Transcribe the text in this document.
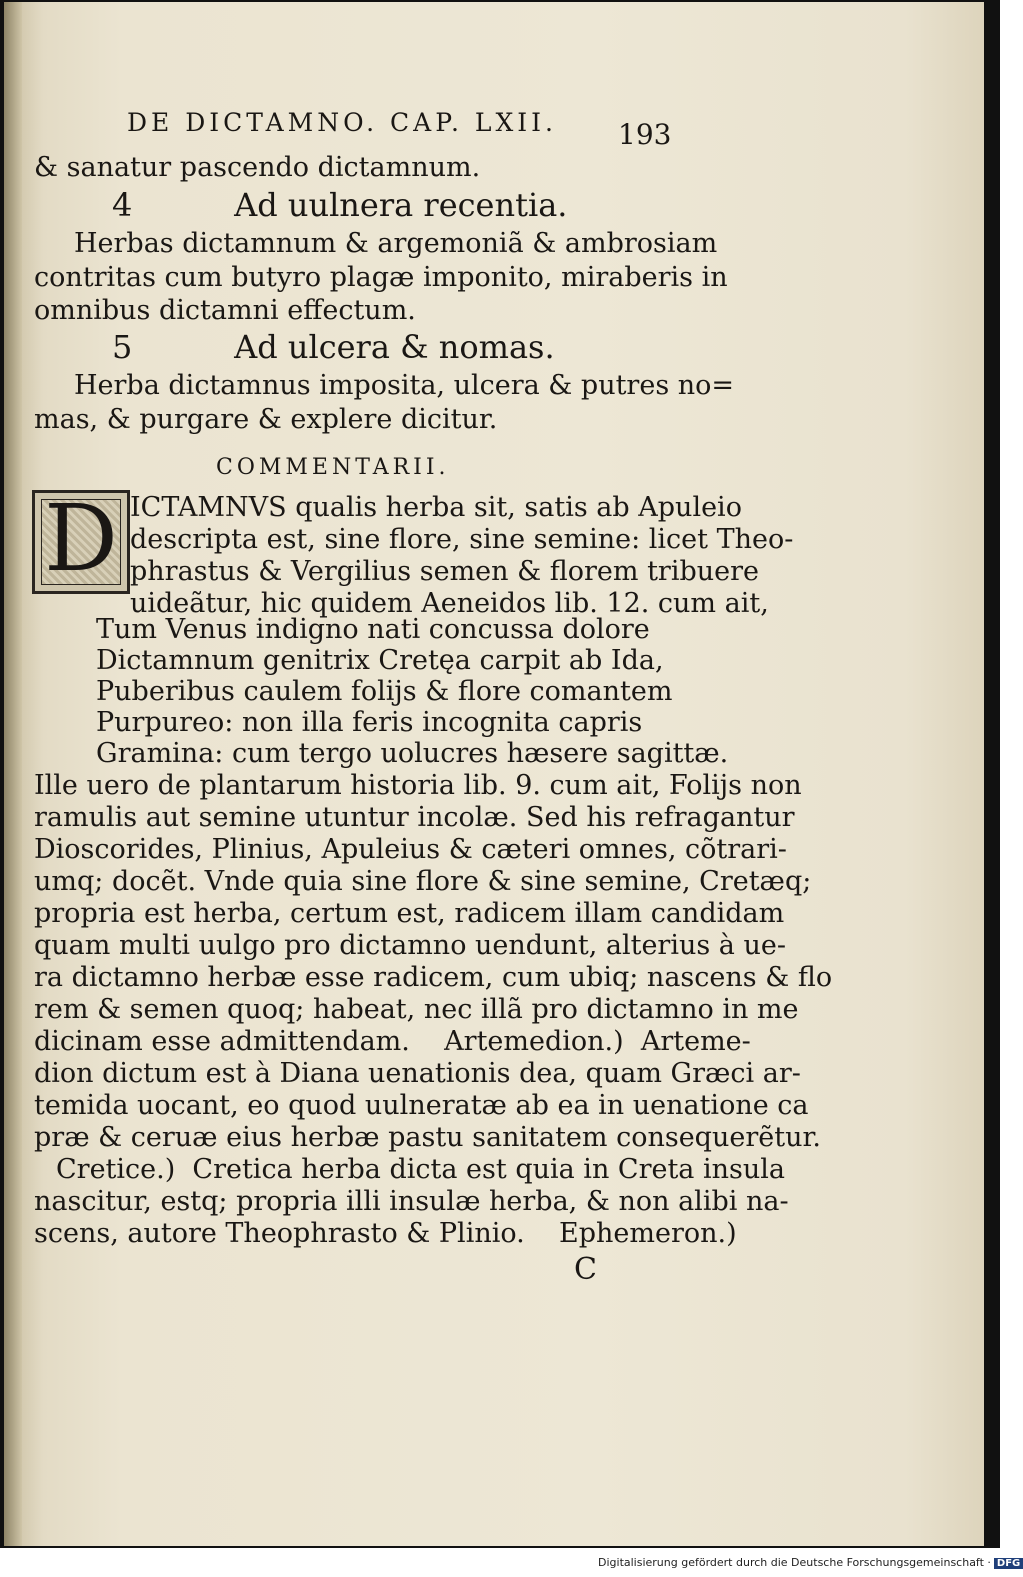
DE DICTAMNO. CAP. LXII. 193
& sanatur pascendo dictamnum.
4          Ad uulnera recentia.
Herbas dictamnum & argemoniã & ambrosiam
contritas cum butyro plagæ imponito, miraberis in
omnibus dictamni effectum.
5          Ad ulcera & nomas.
Herba dictamnus imposita, ulcera & putres no=
mas, & purgare & explere dicitur.
COMMENTARII.
D ICTAMNVS qualis herba sit, satis ab Apuleio
descripta est, sine flore, sine semine: licet Theo-
phrastus & Vergilius semen & florem tribuere
uideãtur, hic quidem Aeneidos lib. 12. cum ait,
Tum Venus indigno nati concussa dolore
Dictamnum genitrix Cretęa carpit ab Ida,
Puberibus caulem folijs & flore comantem
Purpureo: non illa feris incognita capris
Gramina: cum tergo uolucres hæsere sagittæ.
Ille uero de plantarum historia lib. 9. cum ait, Folijs non
ramulis aut semine utuntur incolæ. Sed his refragantur
Dioscorides, Plinius, Apuleius & cæteri omnes, cõtrari-
umq; docẽt. Vnde quia sine flore & sine semine, Cretæq;
propria est herba, certum est, radicem illam candidam
quam multi uulgo pro dictamno uendunt, alterius à ue-
ra dictamno herbæ esse radicem, cum ubiq; nascens & flo
rem & semen quoq; habeat, nec illã pro dictamno in me
dicinam esse admittendam.    Artemedion.)  Arteme-
dion dictum est à Diana uenationis dea, quam Græci ar-
temida uocant, eo quod uulneratæ ab ea in uenatione ca
præ & ceruæ eius herbæ pastu sanitatem consequerẽtur.
Cretice.)  Cretica herba dicta est quia in Creta insula
nascitur, estq; propria illi insulæ herba, & non alibi na-
scens, autore Theophrasto & Plinio.    Ephemeron.)
C
Digitalisierung gefördert durch die Deutsche Forschungsgemeinschaft · DFG
